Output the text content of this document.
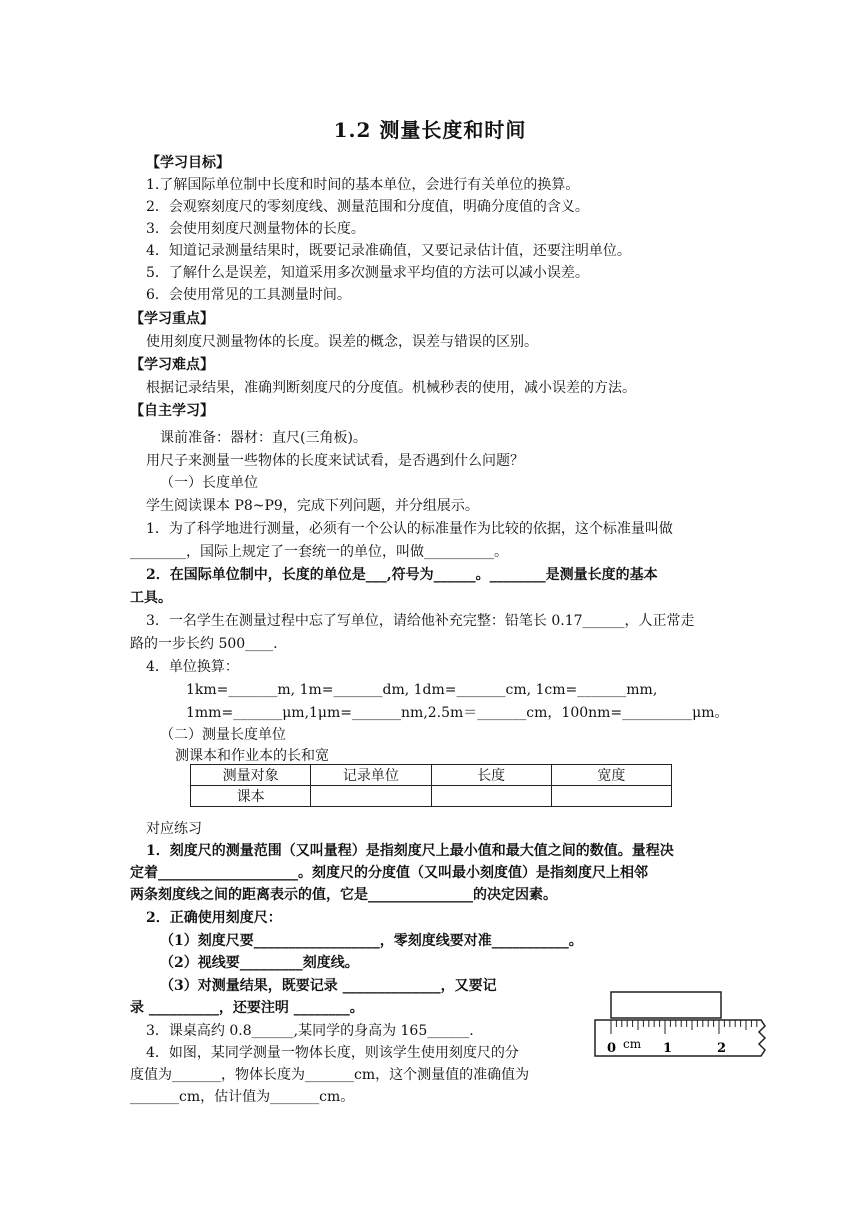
1.2 测量长度和时间
【学习目标】
1.了解国际单位制中长度和时间的基本单位，会进行有关单位的换算。
2．会观察刻度尺的零刻度线、测量范围和分度值，明确分度值的含义。
3．会使用刻度尺测量物体的长度。
4．知道记录测量结果时，既要记录准确值，又要记录估计值，还要注明单位。
5．了解什么是误差，知道采用多次测量求平均值的方法可以减小误差。
6．会使用常见的工具测量时间。
【学习重点】
使用刻度尺测量物体的长度。误差的概念，误差与错误的区别。
【学习难点】
根据记录结果，准确判断刻度尺的分度值。机械秒表的使用，减小误差的方法。
【自主学习】
课前准备：器材：直尺(三角板)。
用尺子来测量一些物体的长度来试试看，是否遇到什么问题？
（一）长度单位
学生阅读课本 P8~P9，完成下列问题，并分组展示。
1．为了科学地进行测量，必须有一个公认的标准量作为比较的依据，这个标准量叫做
________，国际上规定了一套统一的单位，叫做__________。
2．在国际单位制中，长度的单位是___,符号为______。________是测量长度的基本
工具。
3．一名学生在测量过程中忘了写单位，请给他补充完整：铅笔长 0.17______，人正常走
路的一步长约 500____.
4．单位换算：
1km=_______m, 1m=_______dm, 1dm=_______cm, 1cm=_______mm,
1mm=_______μm,1μm=_______nm,2.5m＝_______cm，100nm=__________μm。
（二）测量长度单位
测课本和作业本的长和宽
测量对象	记录单位	长度	宽度
课本			
对应练习
1．刻度尺的测量范围（又叫量程）是指刻度尺上最小值和最大值之间的数值。量程决
定着____________________。刻度尺的分度值（又叫最小刻度值）是指刻度尺上相邻
两条刻度线之间的距离表示的值，它是_______________的决定因素。
2．正确使用刻度尺：
（1）刻度尺要__________________，零刻度线要对准___________。
（2）视线要_________刻度线。
（3）对测量结果，既要记录 ______________，又要记
录 __________，还要注明 ________。
3．课桌高约 0.8______,某同学的身高为 165______.
4．如图，某同学测量一物体长度，则该学生使用刻度尺的分
度值为_______，物体长度为_______cm，这个测量值的准确值为
_______cm，估计值为_______cm。
0 cm 1	2
